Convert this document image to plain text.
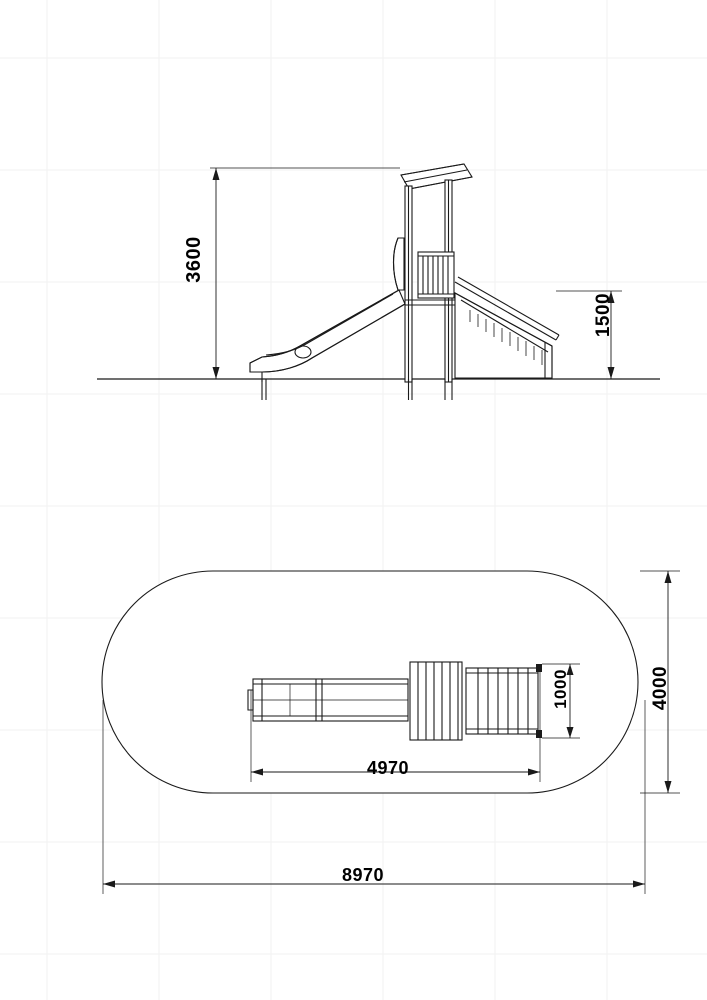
3600
1500
4000
1000
4970
8970
